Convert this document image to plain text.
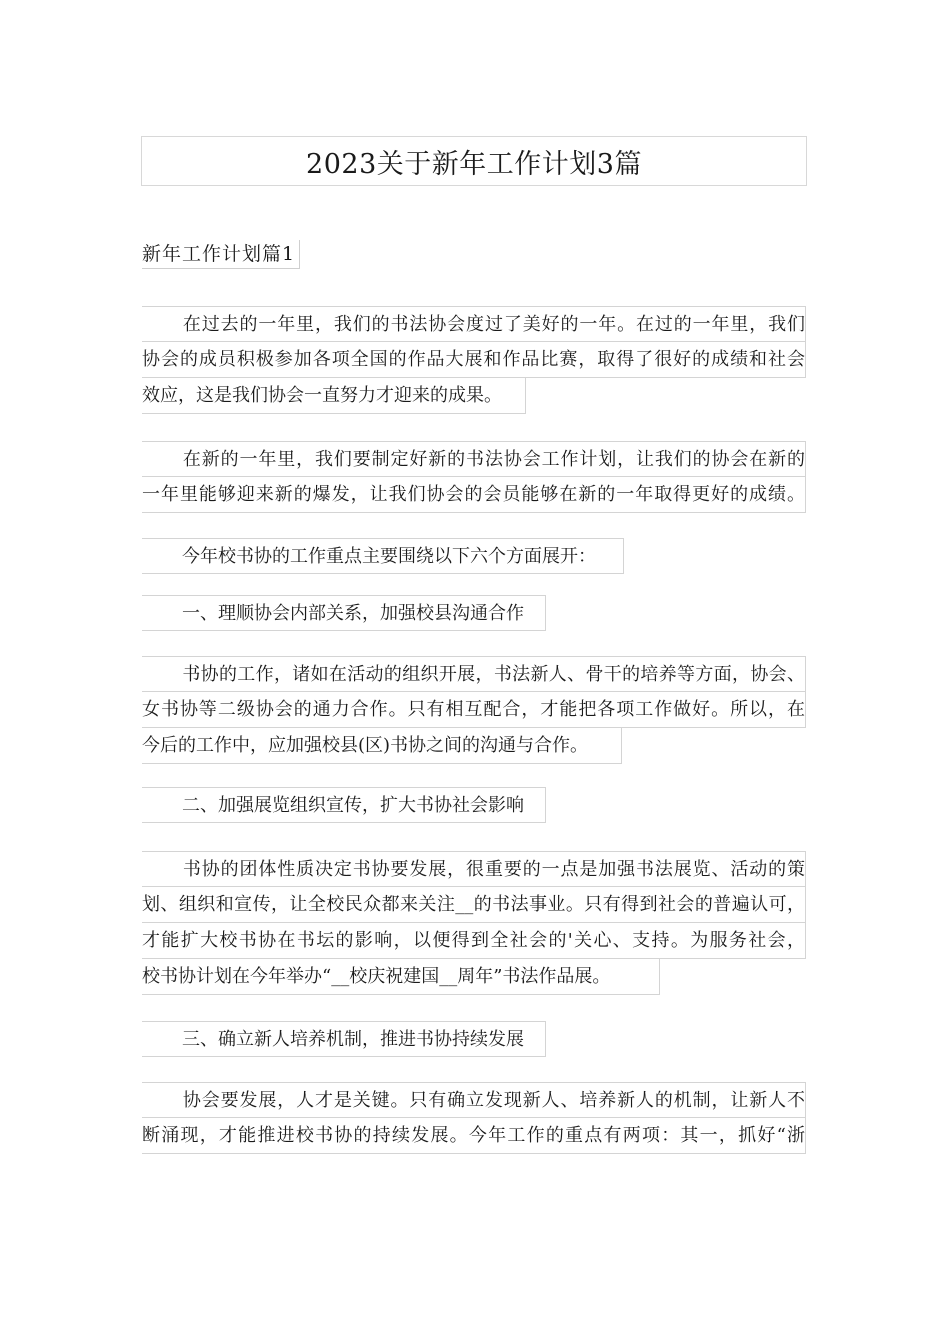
2023关于新年工作计划3篇
新年工作计划篇1
在过去的一年里，我们的书法协会度过了美好的一年。在过的一年里，我们
协会的成员积极参加各项全国的作品大展和作品比赛，取得了很好的成绩和社会
效应，这是我们协会一直努力才迎来的成果。
在新的一年里，我们要制定好新的书法协会工作计划，让我们的协会在新的
一年里能够迎来新的爆发，让我们协会的会员能够在新的一年取得更好的成绩。
今年校书协的工作重点主要围绕以下六个方面展开：
一、理顺协会内部关系，加强校县沟通合作
书协的工作，诸如在活动的组织开展，书法新人、骨干的培养等方面，协会、
女书协等二级协会的通力合作。只有相互配合，才能把各项工作做好。所以，在
今后的工作中，应加强校县(区)书协之间的沟通与合作。
二、加强展览组织宣传，扩大书协社会影响
书协的团体性质决定书协要发展，很重要的一点是加强书法展览、活动的策
划、组织和宣传，让全校民众都来关注__的书法事业。只有得到社会的普遍认可，
才能扩大校书协在书坛的影响，以便得到全社会的'关心、支持。为服务社会，
校书协计划在今年举办“__校庆祝建国__周年”书法作品展。
三、确立新人培养机制，推进书协持续发展
协会要发展，人才是关键。只有确立发现新人、培养新人的机制，让新人不
断涌现，才能推进校书协的持续发展。今年工作的重点有两项：其一，抓好“浙
